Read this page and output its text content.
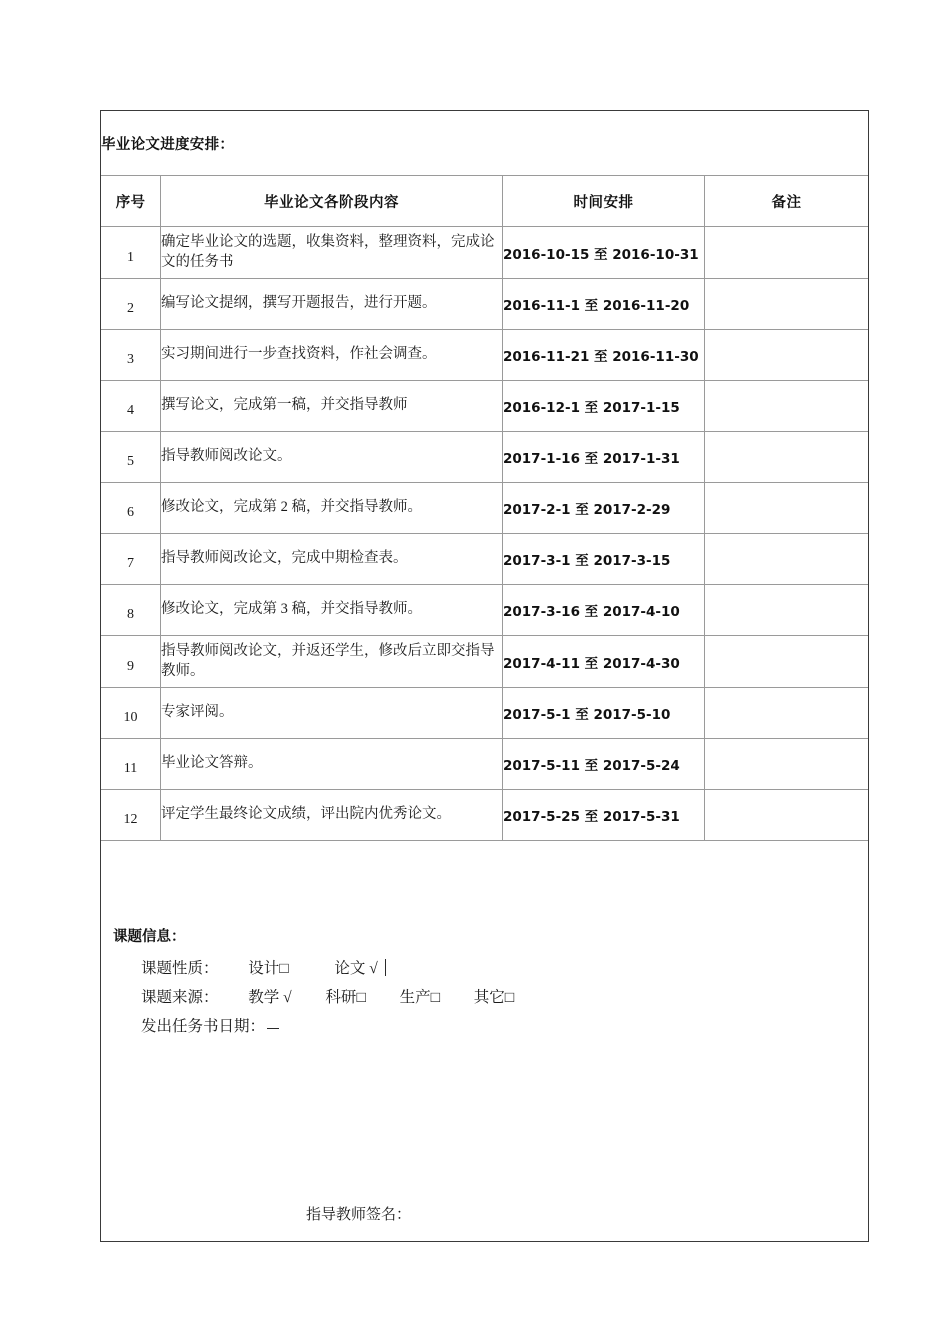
毕业论文进度安排：			
序号	毕业论文各阶段内容	时间安排	备注
1	确定毕业论文的选题，收集资料，整理资料，完成论文的任务书	2016-10-15 至 2016-10-31	
2	编写论文提纲，撰写开题报告，进行开题。	2016-11-1 至 2016-11-20	
3	实习期间进行一步查找资料，作社会调查。	2016-11-21 至 2016-11-30	
4	撰写论文，完成第一稿，并交指导教师	2016-12-1 至 2017-1-15	
5	指导教师阅改论文。	2017-1-16 至 2017-1-31	
6	修改论文，完成第 2 稿，并交指导教师。	2017-2-1 至 2017-2-29	
7	指导教师阅改论文，完成中期检查表。	2017-3-1 至 2017-3-15	
8	修改论文，完成第 3 稿，并交指导教师。	2017-3-16 至 2017-4-10	
9	指导教师阅改论文，并返还学生，修改后立即交指导教师。	2017-4-11 至 2017-4-30	
10	专家评阅。	2017-5-1 至 2017-5-10	
11	毕业论文答辩。	2017-5-11 至 2017-5-24	
12	评定学生最终论文成绩，评出院内优秀论文。	2017-5-25 至 2017-5-31	

课题信息：
课题性质： 设计□ 论文 √
课题来源： 教学 √ 科研□ 生产□ 其它□
发出任务书日期：
指导教师签名：			
